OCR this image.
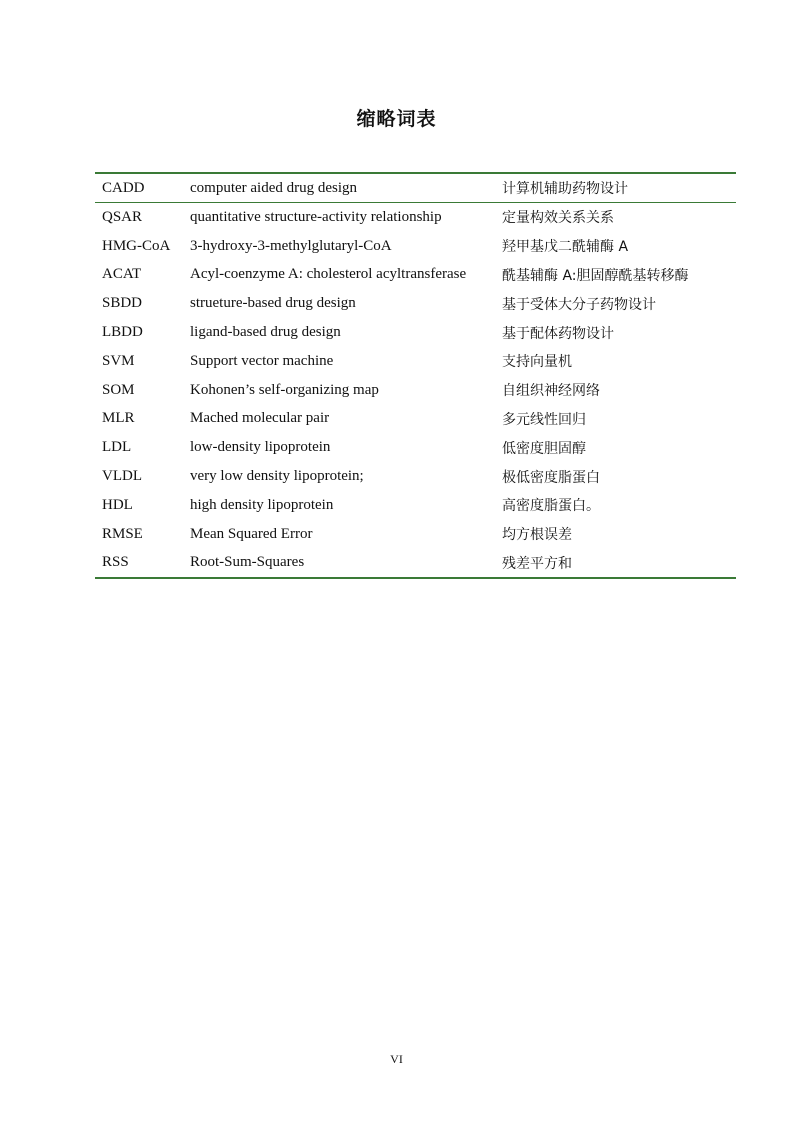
缩略词表
CADD	computer aided drug design	计算机辅助药物设计
QSAR	quantitative structure-activity relationship	定量构效关系关系
HMG-CoA	3-hydroxy-3-methylglutaryl-CoA	羟甲基戊二酰辅酶 A
ACAT	Acyl-coenzyme A: cholesterol acyltransferase	酰基辅酶 A:胆固醇酰基转移酶
SBDD	strueture-based drug design	基于受体大分子药物设计
LBDD	ligand-based drug design	基于配体药物设计
SVM	Support vector machine	支持向量机
SOM	Kohonen’s self-organizing map	自组织神经网络
MLR	Mached molecular pair	多元线性回归
LDL	low-density lipoprotein	低密度胆固醇
VLDL	very low density lipoprotein;	极低密度脂蛋白
HDL	high density lipoprotein	高密度脂蛋白。
RMSE	Mean Squared Error	均方根误差
RSS	Root-Sum-Squares	残差平方和
VI
